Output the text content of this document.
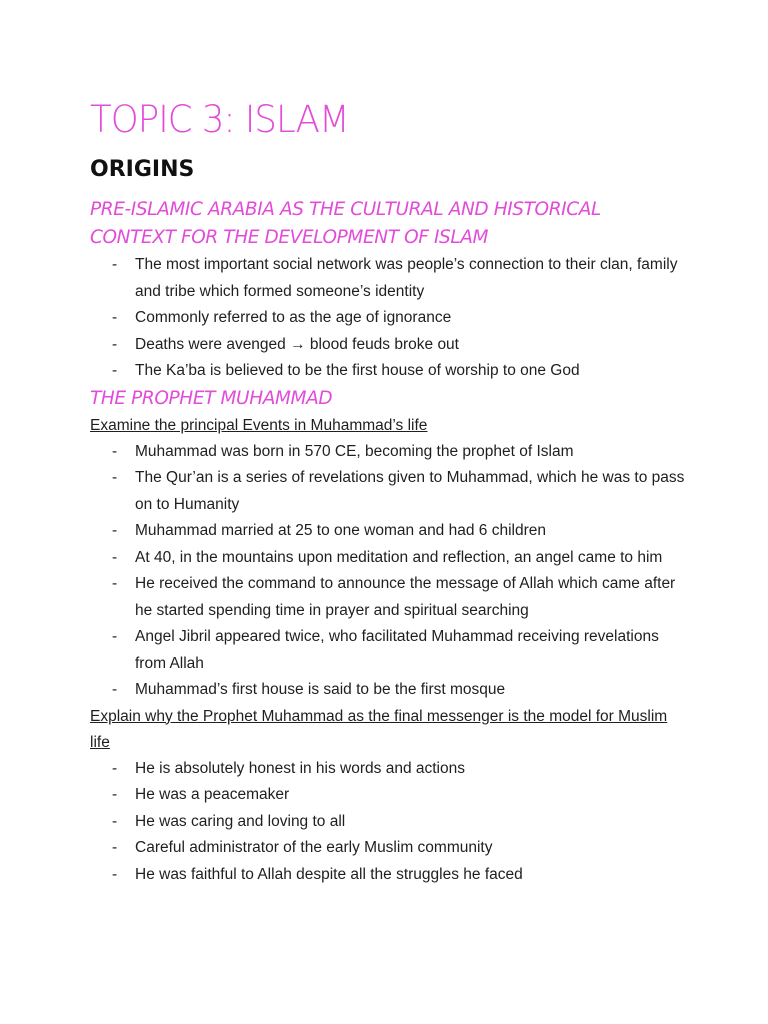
TOPIC 3: ISLAM
ORIGINS
PRE-ISLAMIC ARABIA AS THE CULTURAL AND HISTORICAL
CONTEXT FOR THE DEVELOPMENT OF ISLAM
- The most important social network was people’s connection to their clan, family and tribe which formed someone’s identity
- Commonly referred to as the age of ignorance
- Deaths were avenged → blood feuds broke out
- The Ka’ba is believed to be the first house of worship to one God
THE PROPHET MUHAMMAD
Examine the principal Events in Muhammad’s life
- Muhammad was born in 570 CE, becoming the prophet of Islam
- The Qur’an is a series of revelations given to Muhammad, which he was to pass on to Humanity
- Muhammad married at 25 to one woman and had 6 children
- At 40, in the mountains upon meditation and reflection, an angel came to him
- He received the command to announce the message of Allah which came after he started spending time in prayer and spiritual searching
- Angel Jibril appeared twice, who facilitated Muhammad receiving revelations from Allah
- Muhammad’s first house is said to be the first mosque
Explain why the Prophet Muhammad as the final messenger is the model for Muslim life
- He is absolutely honest in his words and actions
- He was a peacemaker
- He was caring and loving to all
- Careful administrator of the early Muslim community
- He was faithful to Allah despite all the struggles he faced
